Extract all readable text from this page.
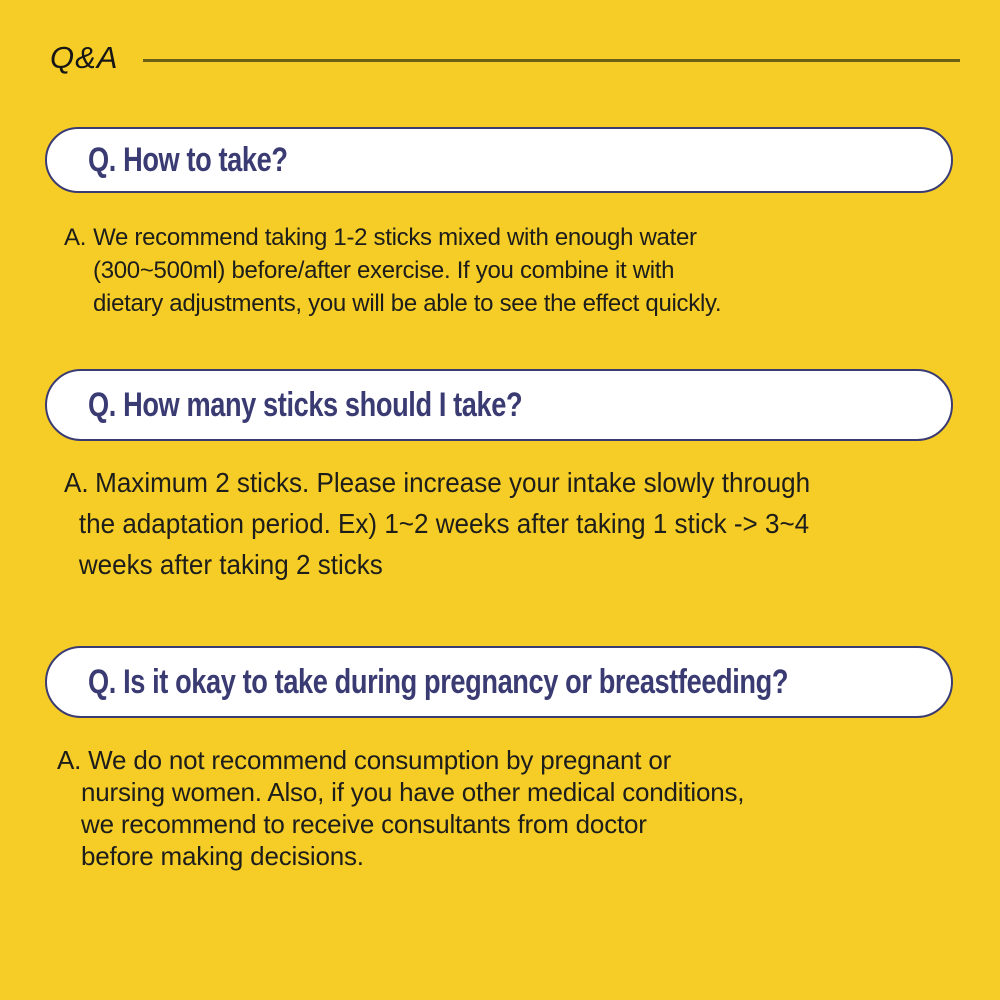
Q&A
Q. How to take?
A. We recommend taking 1-2 sticks mixed with enough water
(300~500ml) before/after exercise. If you combine it with
dietary adjustments, you will be able to see the effect quickly.
Q. How many sticks should I take?
A. Maximum 2 sticks. Please increase your intake slowly through
the adaptation period. Ex) 1~2 weeks after taking 1 stick -> 3~4
weeks after taking 2 sticks
Q. Is it okay to take during pregnancy or breastfeeding?
A. We do not recommend consumption by pregnant or
nursing women. Also, if you have other medical conditions,
we recommend to receive consultants from doctor
before making decisions.
